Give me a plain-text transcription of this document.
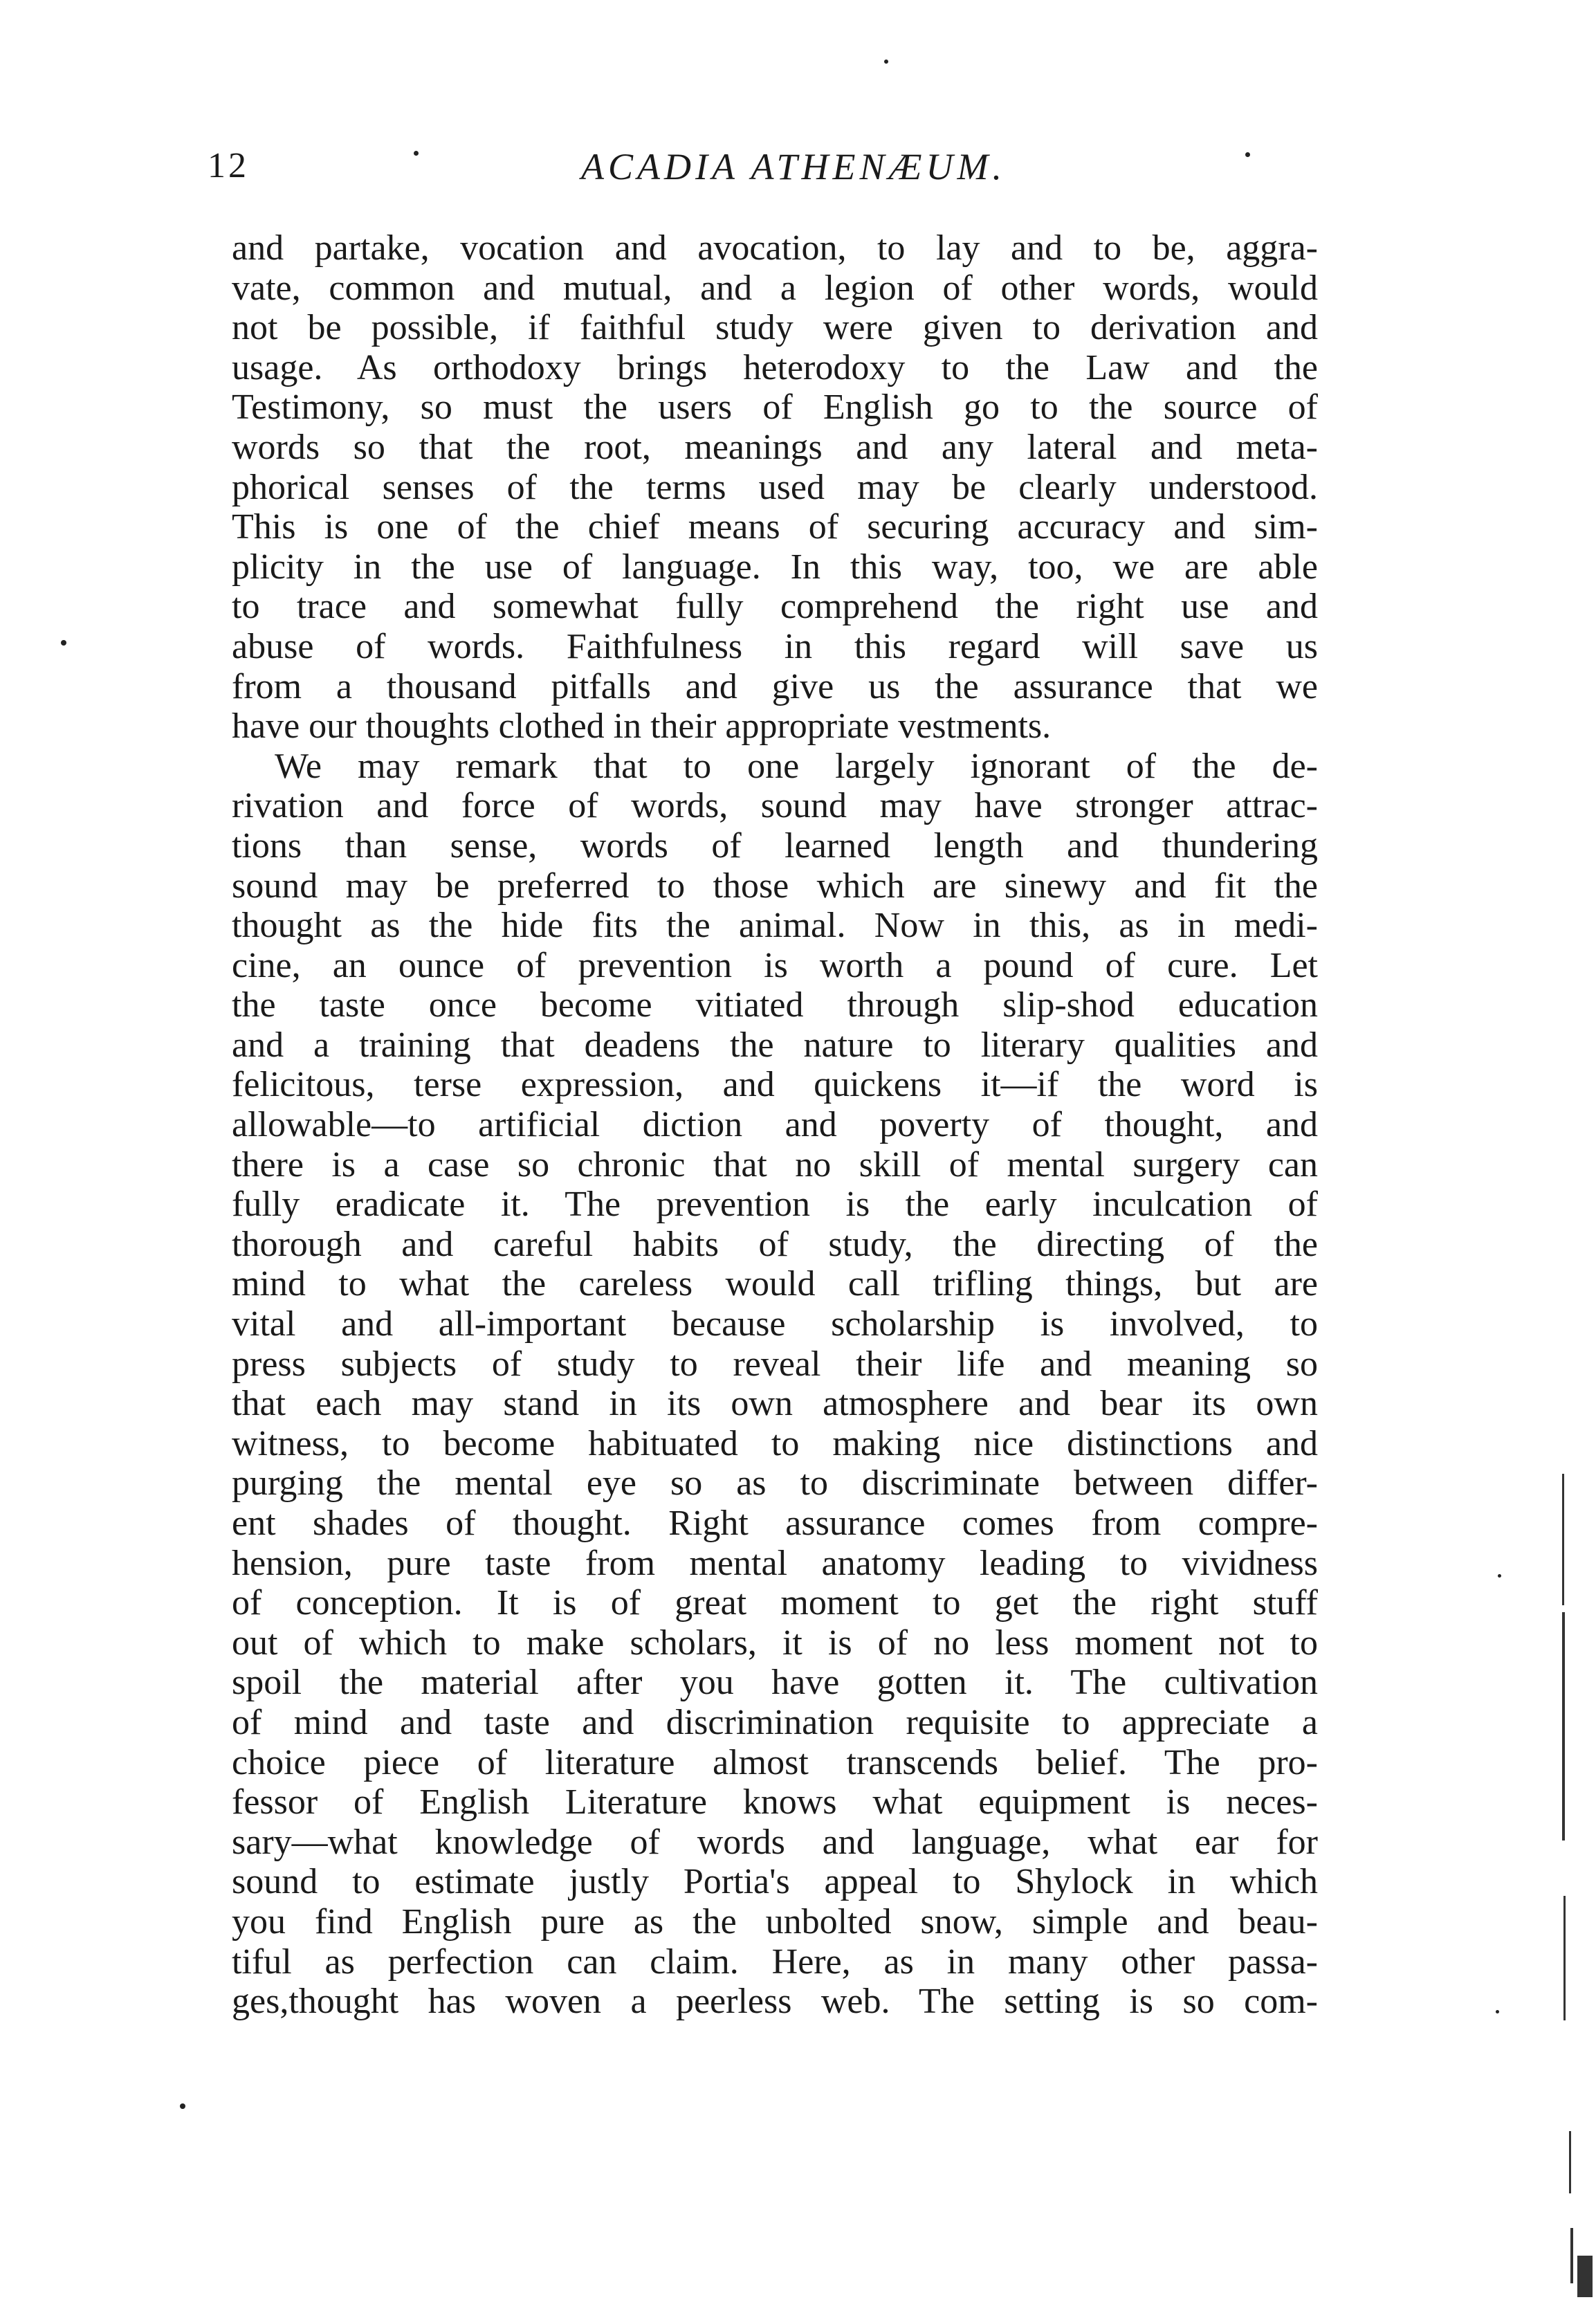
12	ACADIA ATHENÆUM.
and partake, vocation and avocation, to lay and to be, aggra-
vate, common and mutual, and a legion of other words, would
not be possible, if faithful study were given to derivation and
usage. As orthodoxy brings heterodoxy to the Law and the
Testimony, so must the users of English go to the source of
words so that the root, meanings and any lateral and meta-
phorical senses of the terms used may be clearly understood.
This is one of the chief means of securing accuracy and sim-
plicity in the use of language. In this way, too, we are able
to trace and somewhat fully comprehend the right use and
abuse of words. Faithfulness in this regard will save us
from a thousand pitfalls and give us the assurance that we
have our thoughts clothed in their appropriate vestments.
We may remark that to one largely ignorant of the de-
rivation and force of words, sound may have stronger attrac-
tions than sense, words of learned length and thundering
sound may be preferred to those which are sinewy and fit the
thought as the hide fits the animal. Now in this, as in medi-
cine, an ounce of prevention is worth a pound of cure. Let
the taste once become vitiated through slip-shod education
and a training that deadens the nature to literary qualities and
felicitous, terse expression, and quickens it—if the word is
allowable—to artificial diction and poverty of thought, and
there is a case so chronic that no skill of mental surgery can
fully eradicate it. The prevention is the early inculcation of
thorough and careful habits of study, the directing of the
mind to what the careless would call trifling things, but are
vital and all-important because scholarship is involved, to
press subjects of study to reveal their life and meaning so
that each may stand in its own atmosphere and bear its own
witness, to become habituated to making nice distinctions and
purging the mental eye so as to discriminate between differ-
ent shades of thought. Right assurance comes from compre-
hension, pure taste from mental anatomy leading to vividness
of conception. It is of great moment to get the right stuff
out of which to make scholars, it is of no less moment not to
spoil the material after you have gotten it. The cultivation
of mind and taste and discrimination requisite to appreciate a
choice piece of literature almost transcends belief. The pro-
fessor of English Literature knows what equipment is neces-
sary—what knowledge of words and language, what ear for
sound to estimate justly Portia's appeal to Shylock in which
you find English pure as the unbolted snow, simple and beau-
tiful as perfection can claim. Here, as in many other passa-
ges,thought has woven a peerless web. The setting is so com-
